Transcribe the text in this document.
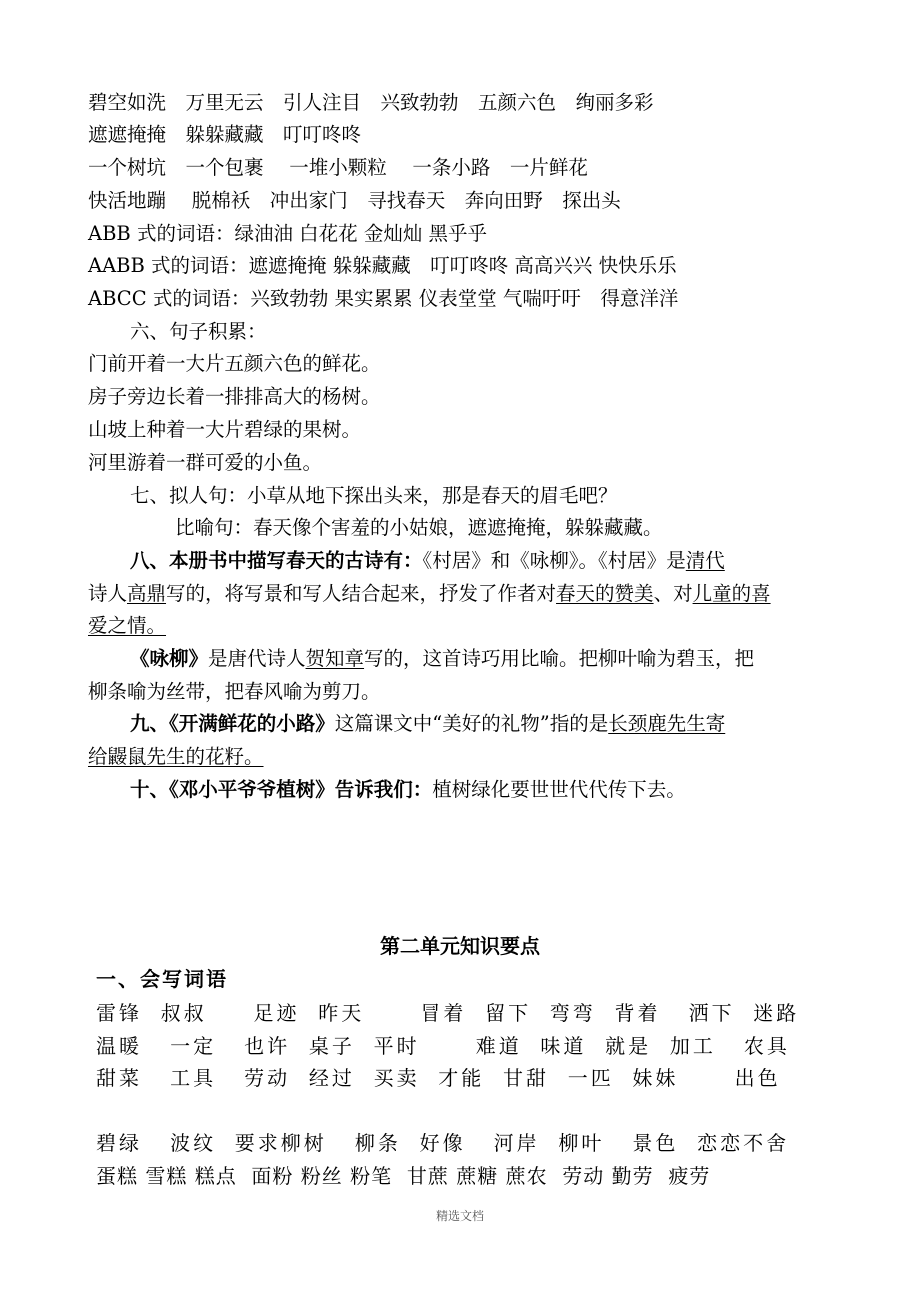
碧空如洗　万里无云　引人注目　兴致勃勃　五颜六色　绚丽多彩
遮遮掩掩　躲躲藏藏　叮叮咚咚
一个树坑　一个包裹　 一堆小颗粒　 一条小路　一片鲜花
快活地蹦　 脱棉袄　冲出家门　寻找春天　奔向田野　探出头
ABB 式的词语：绿油油 白花花 金灿灿 黑乎乎
AABB 式的词语：遮遮掩掩 躲躲藏藏　叮叮咚咚 高高兴兴 快快乐乐
ABCC 式的词语：兴致勃勃 果实累累 仪表堂堂 气喘吁吁　得意洋洋
六、句子积累：
门前开着一大片五颜六色的鲜花。
房子旁边长着一排排高大的杨树。
山坡上种着一大片碧绿的果树。
河里游着一群可爱的小鱼。
七、拟人句：小草从地下探出头来，那是春天的眉毛吧？
比喻句：春天像个害羞的小姑娘，遮遮掩掩，躲躲藏藏。
八、本册书中描写春天的古诗有：《村居》和《咏柳》。《村居》是清代
诗人高鼎写的，将写景和写人结合起来，抒发了作者对春天的赞美、对儿童的喜
爱之情。
《咏柳》是唐代诗人贺知章写的，这首诗巧用比喻。把柳叶喻为碧玉，把
柳条喻为丝带，把春风喻为剪刀。
九、《开满鲜花的小路》这篇课文中“美好的礼物”指的是长颈鹿先生寄
给鼹鼠先生的花籽。
十、《邓小平爷爷植树》告诉我们：植树绿化要世世代代传下去。
第二单元知识要点
一、会写词语
雷锋  叔叔     足迹  昨天      冒着  留下  弯弯  背着   洒下  迷路
温暖   一定   也许  桌子  平时      难道  味道  就是  加工   农具
甜菜   工具   劳动  经过  买卖  才能  甘甜  一匹  妹妹      出色
碧绿   波纹  要求柳树   柳条  好像   河岸  柳叶   景色  恋恋不舍
蛋糕 雪糕 糕点  面粉 粉丝 粉笔  甘蔗 蔗糖 蔗农  劳动 勤劳  疲劳
精选文档
